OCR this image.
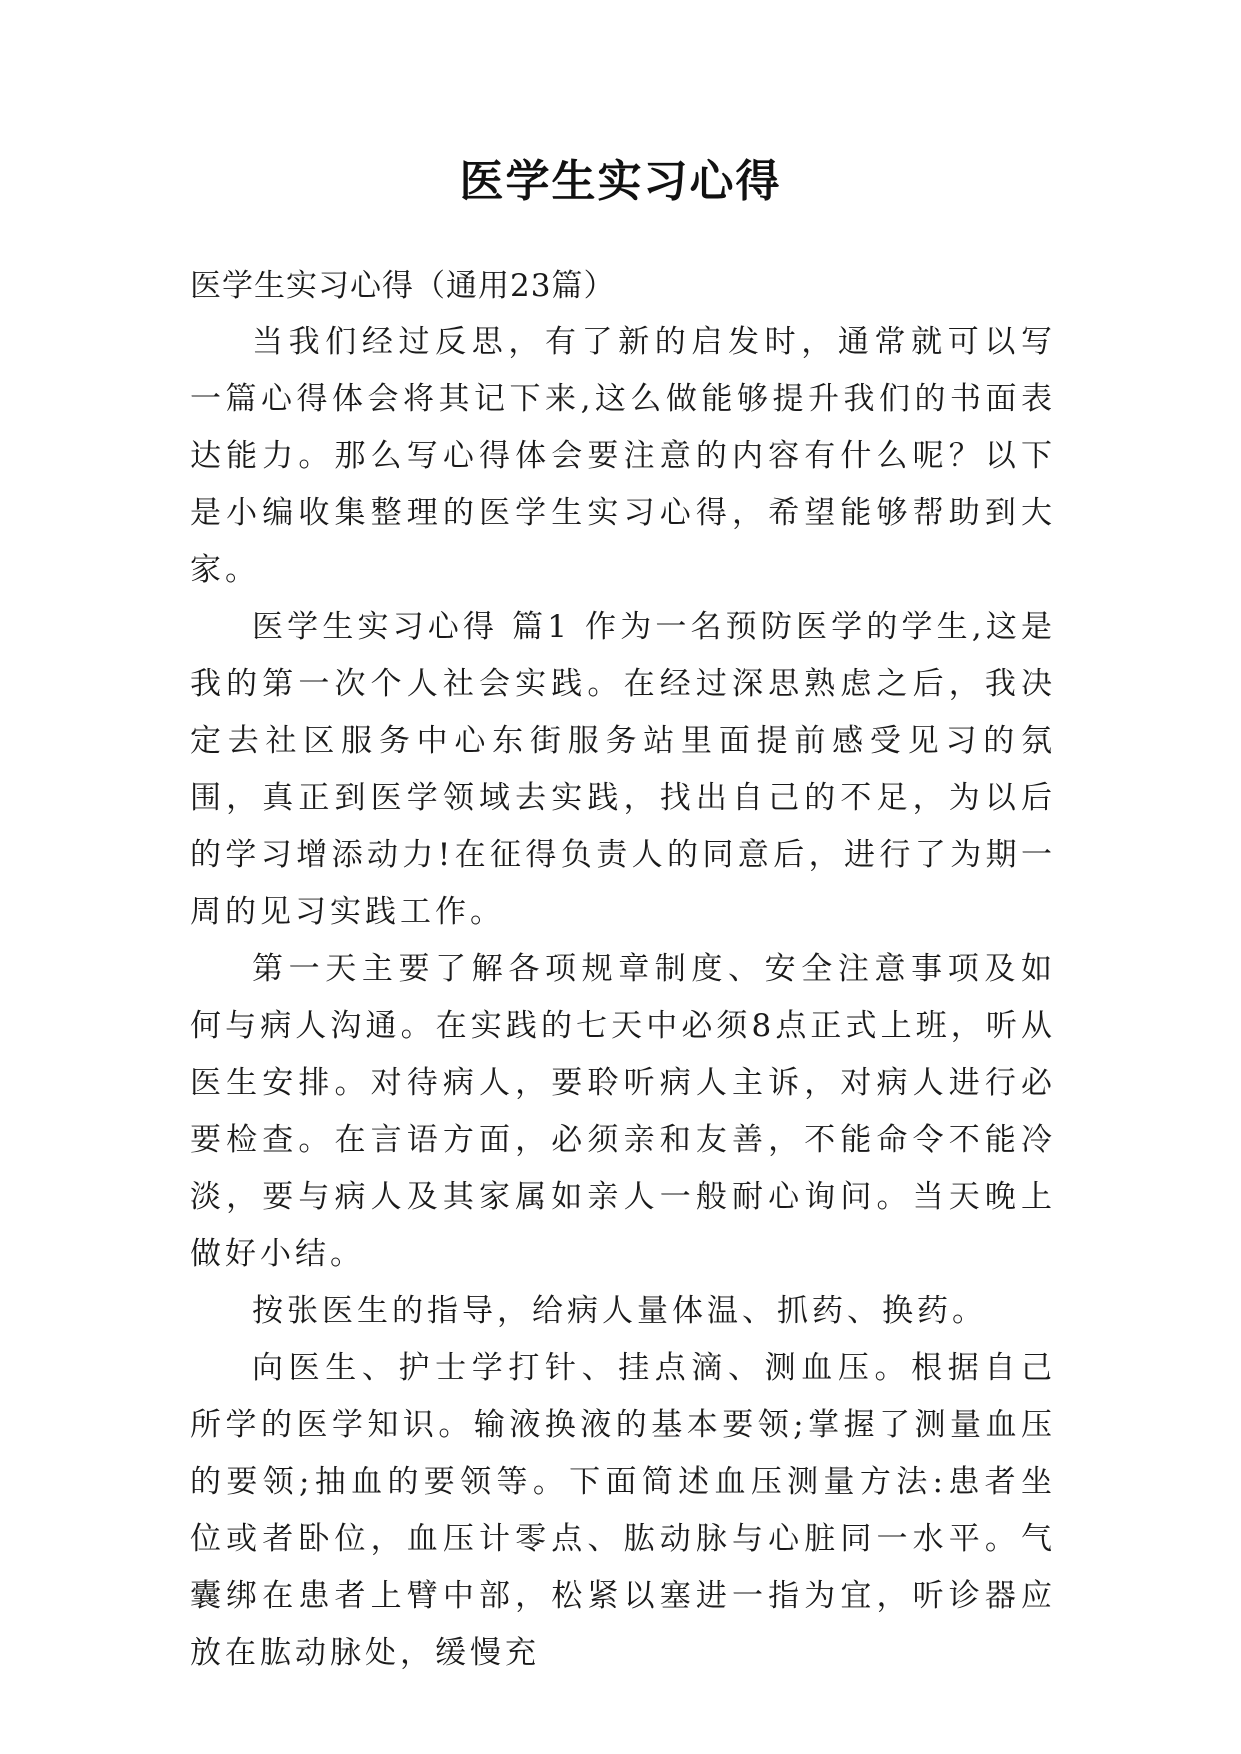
医学生实习心得

医学生实习心得（通用23篇）

当我们经过反思，有了新的启发时，通常就可以写一篇心得体会将其记下来,这么做能够提升我们的书面表达能力。那么写心得体会要注意的内容有什么呢？以下是小编收集整理的医学生实习心得，希望能够帮助到大家。

医学生实习心得 篇1 作为一名预防医学的学生,这是我的第一次个人社会实践。在经过深思熟虑之后，我决定去社区服务中心东街服务站里面提前感受见习的氛围，真正到医学领域去实践，找出自己的不足，为以后的学习增添动力!在征得负责人的同意后，进行了为期一周的见习实践工作。

第一天主要了解各项规章制度、安全注意事项及如何与病人沟通。在实践的七天中必须8点正式上班，听从医生安排。对待病人，要聆听病人主诉，对病人进行必要检查。在言语方面，必须亲和友善，不能命令不能冷淡，要与病人及其家属如亲人一般耐心询问。当天晚上做好小结。

按张医生的指导，给病人量体温、抓药、换药。

向医生、护士学打针、挂点滴、测血压。根据自己所学的医学知识。输液换液的基本要领;掌握了测量血压的要领;抽血的要领等。下面简述血压测量方法:患者坐位或者卧位，血压计零点、肱动脉与心脏同一水平。气囊绑在患者上臂中部，松紧以塞进一指为宜，听诊器应放在肱动脉处，缓慢充
